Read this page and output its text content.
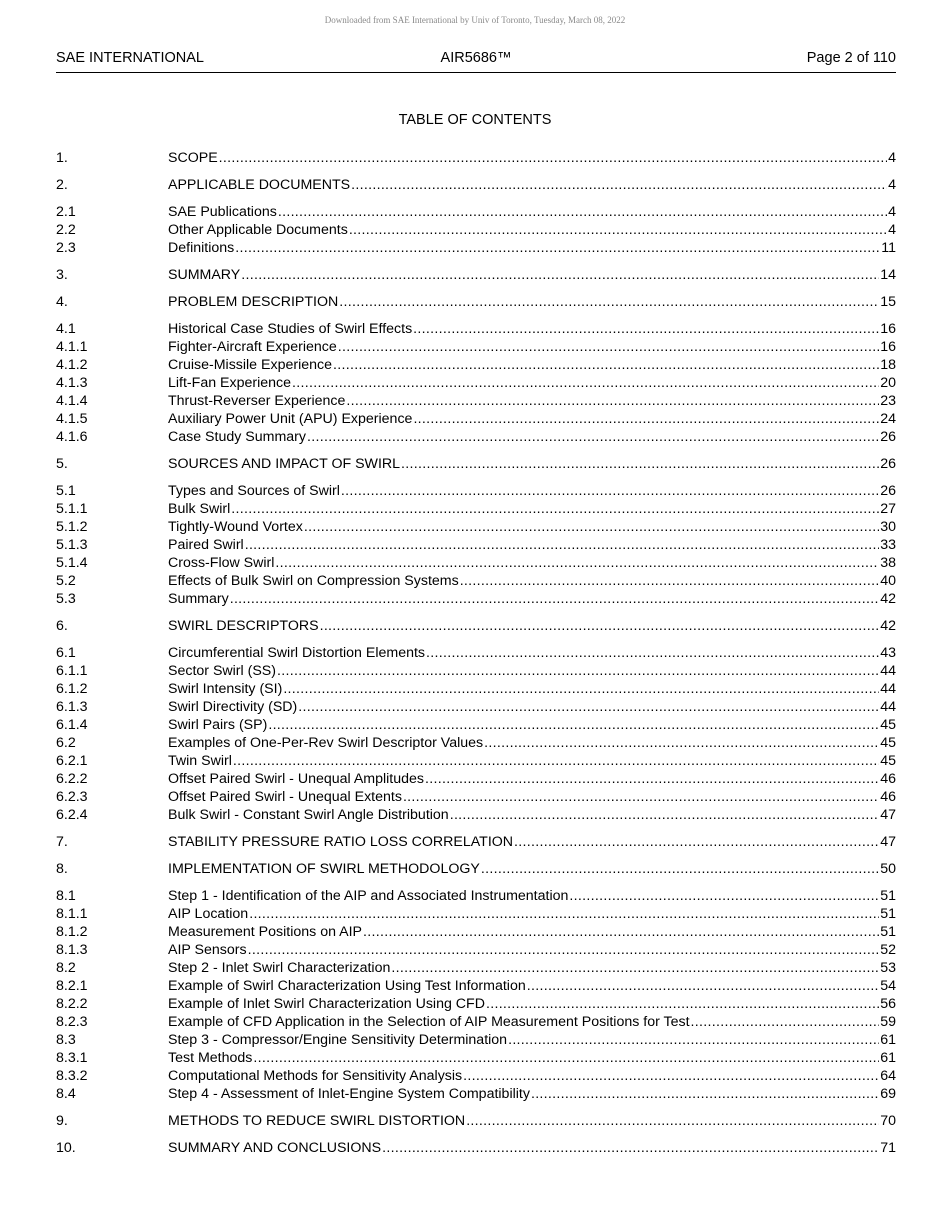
Downloaded from SAE International by Univ of Toronto, Tuesday, March 08, 2022
SAE INTERNATIONAL	AIR5686™	Page 2 of 110
TABLE OF CONTENTS
1.	SCOPE .....	4
2.	APPLICABLE DOCUMENTS .....	4
2.1	SAE Publications .....	4
2.2	Other Applicable Documents .....	4
2.3	Definitions .....	11
3.	SUMMARY .....	14
4.	PROBLEM DESCRIPTION .....	15
4.1	Historical Case Studies of Swirl Effects .....	16
4.1.1	Fighter-Aircraft Experience .....	16
4.1.2	Cruise-Missile Experience .....	18
4.1.3	Lift-Fan Experience .....	20
4.1.4	Thrust-Reverser Experience .....	23
4.1.5	Auxiliary Power Unit (APU) Experience .....	24
4.1.6	Case Study Summary .....	26
5.	SOURCES AND IMPACT OF SWIRL .....	26
5.1	Types and Sources of Swirl .....	26
5.1.1	Bulk Swirl .....	27
5.1.2	Tightly-Wound Vortex .....	30
5.1.3	Paired Swirl .....	33
5.1.4	Cross-Flow Swirl .....	38
5.2	Effects of Bulk Swirl on Compression Systems .....	40
5.3	Summary .....	42
6.	SWIRL DESCRIPTORS .....	42
6.1	Circumferential Swirl Distortion Elements .....	43
6.1.1	Sector Swirl (SS) .....	44
6.1.2	Swirl Intensity (SI) .....	44
6.1.3	Swirl Directivity (SD) .....	44
6.1.4	Swirl Pairs (SP) .....	45
6.2	Examples of One-Per-Rev Swirl Descriptor Values .....	45
6.2.1	Twin Swirl .....	45
6.2.2	Offset Paired Swirl - Unequal Amplitudes .....	46
6.2.3	Offset Paired Swirl - Unequal Extents .....	46
6.2.4	Bulk Swirl - Constant Swirl Angle Distribution .....	47
7.	STABILITY PRESSURE RATIO LOSS CORRELATION .....	47
8.	IMPLEMENTATION OF SWIRL METHODOLOGY .....	50
8.1	Step 1 - Identification of the AIP and Associated Instrumentation .....	51
8.1.1	AIP Location .....	51
8.1.2	Measurement Positions on AIP .....	51
8.1.3	AIP Sensors .....	52
8.2	Step 2 - Inlet Swirl Characterization .....	53
8.2.1	Example of Swirl Characterization Using Test Information .....	54
8.2.2	Example of Inlet Swirl Characterization Using CFD .....	56
8.2.3	Example of CFD Application in the Selection of AIP Measurement Positions for Test .....	59
8.3	Step 3 - Compressor/Engine Sensitivity Determination .....	61
8.3.1	Test Methods .....	61
8.3.2	Computational Methods for Sensitivity Analysis .....	64
8.4	Step 4 - Assessment of Inlet-Engine System Compatibility .....	69
9.	METHODS TO REDUCE SWIRL DISTORTION .....	70
10.	SUMMARY AND CONCLUSIONS .....	71
